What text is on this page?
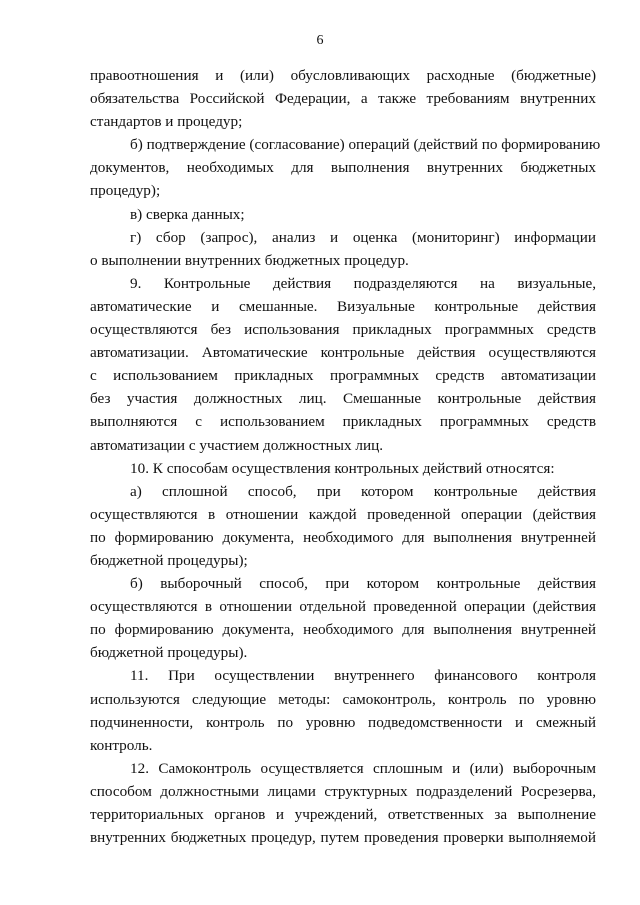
6
правоотношения и (или) обусловливающих расходные (бюджетные)
обязательства Российской Федерации, а также требованиям внутренних
стандартов и процедур;
б) подтверждение (согласование) операций (действий по формированию
документов, необходимых для выполнения внутренних бюджетных
процедур);
в) сверка данных;
г) сбор (запрос), анализ и оценка (мониторинг) информации
о выполнении внутренних бюджетных процедур.
9. Контрольные действия подразделяются на визуальные,
автоматические и смешанные. Визуальные контрольные действия
осуществляются без использования прикладных программных средств
автоматизации. Автоматические контрольные действия осуществляются
с использованием прикладных программных средств автоматизации
без участия должностных лиц. Смешанные контрольные действия
выполняются с использованием прикладных программных средств
автоматизации с участием должностных лиц.
10. К способам осуществления контрольных действий относятся:
а) сплошной способ, при котором контрольные действия
осуществляются в отношении каждой проведенной операции (действия
по формированию документа, необходимого для выполнения внутренней
бюджетной процедуры);
б) выборочный способ, при котором контрольные действия
осуществляются в отношении отдельной проведенной операции (действия
по формированию документа, необходимого для выполнения внутренней
бюджетной процедуры).
11. При осуществлении внутреннего финансового контроля
используются следующие методы: самоконтроль, контроль по уровню
подчиненности, контроль по уровню подведомственности и смежный
контроль.
12. Самоконтроль осуществляется сплошным и (или) выборочным
способом должностными лицами структурных подразделений Росрезерва,
территориальных органов и учреждений, ответственных за выполнение
внутренних бюджетных процедур, путем проведения проверки выполняемой
